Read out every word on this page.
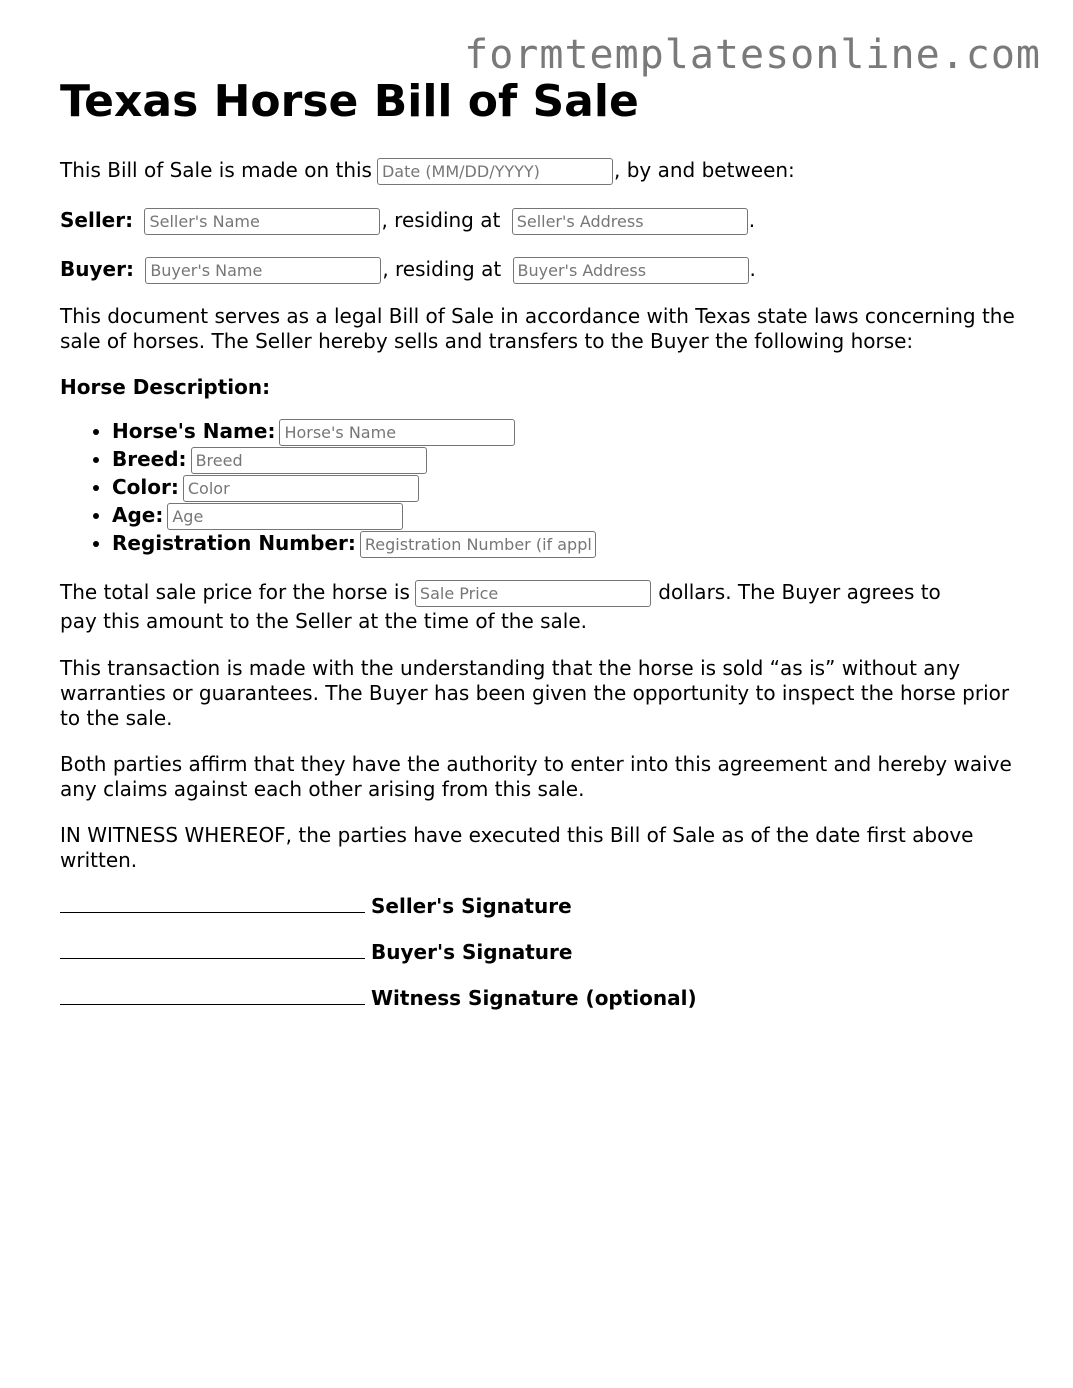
formtemplatesonline.com
Texas Horse Bill of Sale
This Bill of Sale is made on thisDate (MM/DD/YYYY)	, by and between:
Seller: Seller's Name	, residing at Seller's Address	.
Buyer: Buyer's Name	, residing at Buyer's Address	.

This document serves as a legal Bill of Sale in accordance with Texas state laws concerning the sale of horses. The Seller hereby sells and transfers to the Buyer the following horse:

Horse Description:

• Horse's Name:Horse's Name
• Breed:Breed
• Color:Color
• Age:Age
• Registration Number:Registration Number (if applicable)
The total sale price for the horse isSale Price	dollars. The Buyer agrees to
pay this amount to the Seller at the time of the sale.

This transaction is made with the understanding that the horse is sold “as is” without any warranties or guarantees. The Buyer has been given the opportunity to inspect the horse prior to the sale.

Both parties affirm that they have the authority to enter into this agreement and hereby waive any claims against each other arising from this sale.

IN WITNESS WHEREOF, the parties have executed this Bill of Sale as of the date first above written.

Seller's Signature
Buyer's Signature
Witness Signature (optional)
